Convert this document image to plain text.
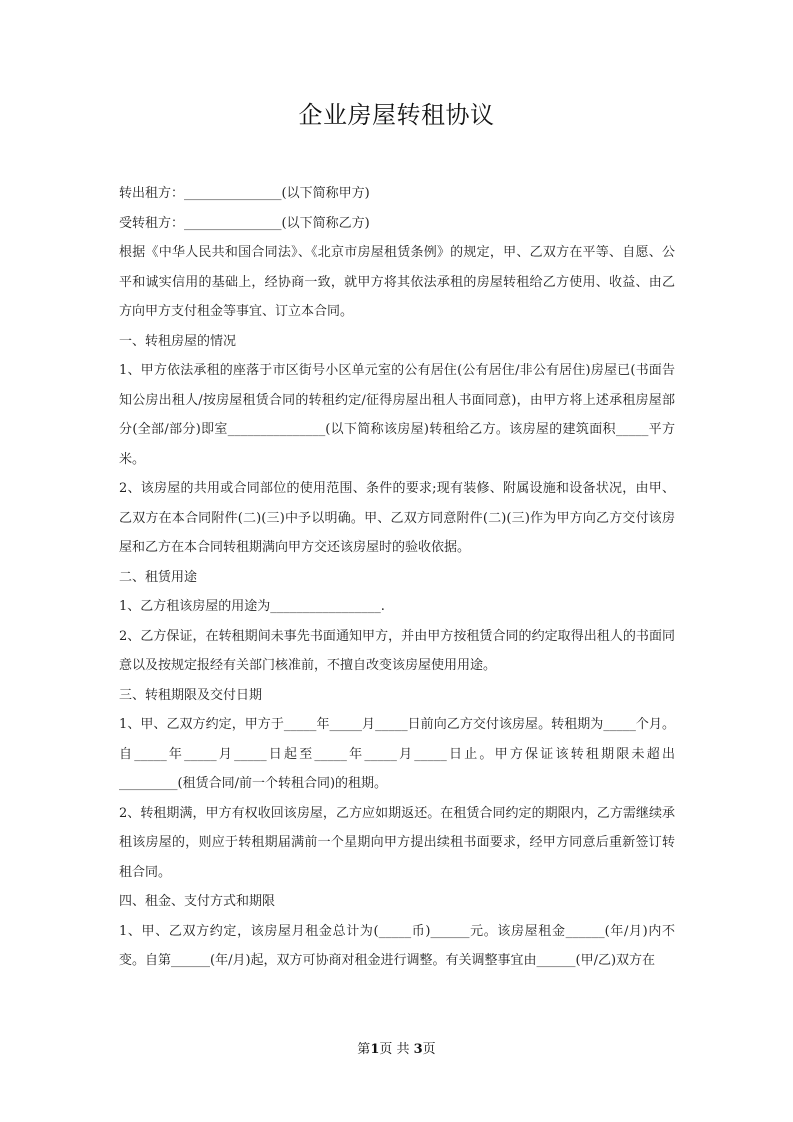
企业房屋转租协议

转出租方：_______________(以下简称甲方)

受转租方：_______________(以下简称乙方)

根据《中华人民共和国合同法》、《北京市房屋租赁条例》的规定，甲、乙双方在平等、自愿、公平和诚实信用的基础上，经协商一致，就甲方将其依法承租的房屋转租给乙方使用、收益、由乙方向甲方支付租金等事宜、订立本合同。

一、转租房屋的情况

1、甲方依法承租的座落于市区街号小区单元室的公有居住(公有居住/非公有居住)房屋已(书面告知公房出租人/按房屋租赁合同的转租约定/征得房屋出租人书面同意)，由甲方将上述承租房屋部分(全部/部分)即室_______________(以下简称该房屋)转租给乙方。该房屋的建筑面积_____平方米。

2、该房屋的共用或合同部位的使用范围、条件的要求;现有装修、附属设施和设备状况，由甲、乙双方在本合同附件(二)(三)中予以明确。甲、乙双方同意附件(二)(三)作为甲方向乙方交付该房屋和乙方在本合同转租期满向甲方交还该房屋时的验收依据。

二、租赁用途

1、乙方租该房屋的用途为_________________.

2、乙方保证，在转租期间未事先书面通知甲方，并由甲方按租赁合同的约定取得出租人的书面同意以及按规定报经有关部门核准前，不擅自改变该房屋使用用途。

三、转租期限及交付日期

1、甲、乙双方约定，甲方于_____年_____月_____日前向乙方交付该房屋。转租期为_____个月。自_____年_____月_____日起至_____年_____月_____日止。甲方保证该转租期限未超出_________(租赁合同/前一个转租合同)的租期。

2、转租期满，甲方有权收回该房屋，乙方应如期返还。在租赁合同约定的期限内，乙方需继续承租该房屋的，则应于转租期届满前一个星期向甲方提出续租书面要求，经甲方同意后重新签订转租合同。

四、租金、支付方式和期限

1、甲、乙双方约定，该房屋月租金总计为(_____币)______元。该房屋租金______(年/月)内不变。自第______(年/月)起，双方可协商对租金进行调整。有关调整事宜由______(甲/乙)双方在

第1页 共 3页
